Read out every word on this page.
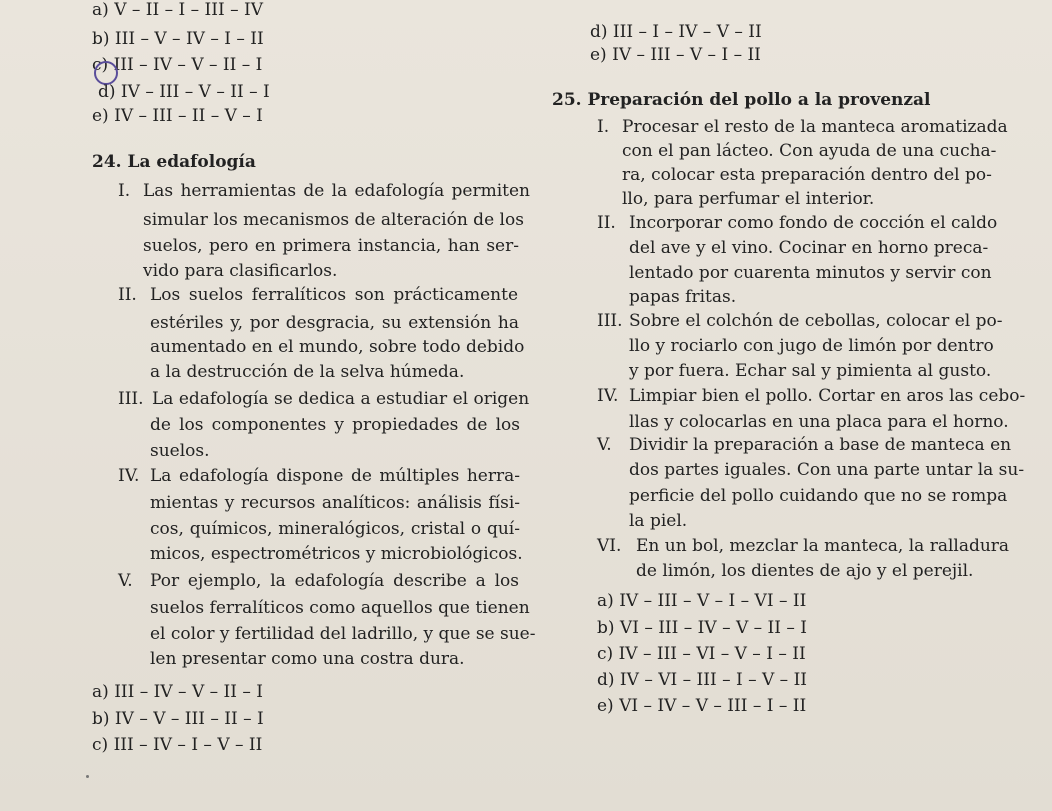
a) V – II – I – III – IV
b) III – V – IV – I – II
c) III – IV – V – II – I
d) IV – III – V – II – I
e) IV – III – II – V – I
d) III – I – IV – V – II
e) IV – III – V – I – II
24. La edafología
I. Las herramientas de la edafología permiten
simular los mecanismos de alteración de los
suelos, pero en primera instancia, han ser-
vido para clasificarlos.
II. Los suelos ferralíticos son prácticamente
estériles y, por desgracia, su extensión ha
aumentado en el mundo, sobre todo debido
a la destrucción de la selva húmeda.
III. La edafología se dedica a estudiar el origen
de los componentes y propiedades de los
suelos.
IV. La edafología dispone de múltiples herra-
mientas y recursos analíticos: análisis físi-
cos, químicos, mineralógicos, cristal o quí-
micos, espectrométricos y microbiológicos.
V. Por ejemplo, la edafología describe a los
suelos ferralíticos como aquellos que tienen
el color y fertilidad del ladrillo, y que se sue-
len presentar como una costra dura.
a) III – IV – V – II – I
b) IV – V – III – II – I
c) III – IV – I – V – II
25. Preparación del pollo a la provenzal
I. Procesar el resto de la manteca aromatizada
con el pan lácteo. Con ayuda de una cucha-
ra, colocar esta preparación dentro del po-
llo, para perfumar el interior.
II. Incorporar como fondo de cocción el caldo
del ave y el vino. Cocinar en horno preca-
lentado por cuarenta minutos y servir con
papas fritas.
III. Sobre el colchón de cebollas, colocar el po-
llo y rociarlo con jugo de limón por dentro
y por fuera. Echar sal y pimienta al gusto.
IV. Limpiar bien el pollo. Cortar en aros las cebo-
llas y colocarlas en una placa para el horno.
V. Dividir la preparación a base de manteca en
dos partes iguales. Con una parte untar la su-
perficie del pollo cuidando que no se rompa
la piel.
VI. En un bol, mezclar la manteca, la ralladura
de limón, los dientes de ajo y el perejil.
a) IV – III – V – I – VI – II
b) VI – III – IV – V – II – I
c) IV – III – VI – V – I – II
d) IV – VI – III – I – V – II
e) VI – IV – V – III – I – II
